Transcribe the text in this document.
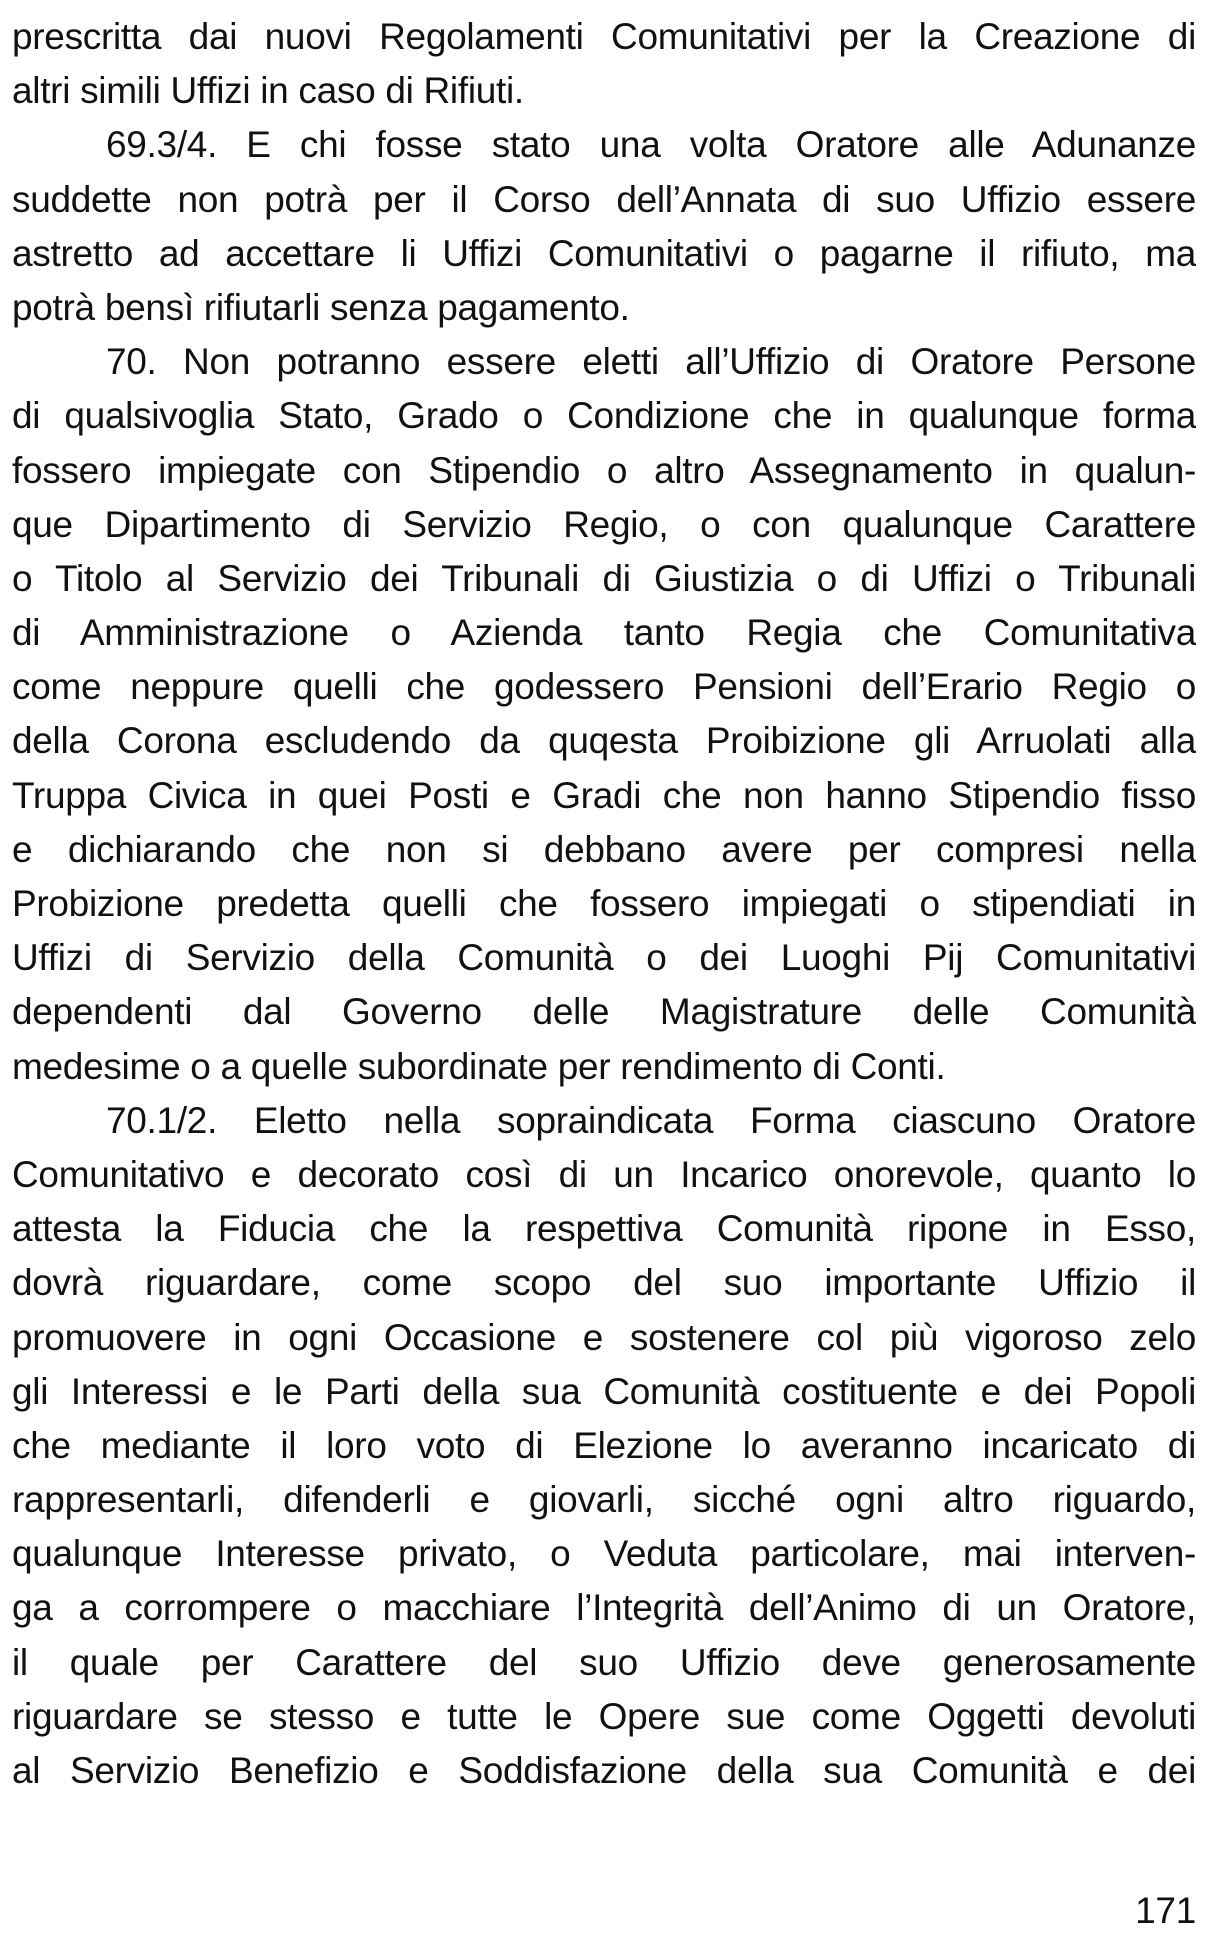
prescritta dai nuovi Regolamenti Comunitativi per la Creazione di
altri simili Uffizi in caso di Rifiuti.
69.3/4. E chi fosse stato una volta Oratore alle Adunanze
suddette non potrà per il Corso dell’Annata di suo Uffizio essere
astretto ad accettare li Uffizi Comunitativi o pagarne il rifiuto, ma
potrà bensì rifiutarli senza pagamento.
70. Non potranno essere eletti all’Uffizio di Oratore Persone
di qualsivoglia Stato, Grado o Condizione che in qualunque forma
fossero impiegate con Stipendio o altro Assegnamento in qualun-
que Dipartimento di Servizio Regio, o con qualunque Carattere
o Titolo al Servizio dei Tribunali di Giustizia o di Uffizi o Tribunali
di Amministrazione o Azienda tanto Regia che Comunitativa
come neppure quelli che godessero Pensioni dell’Erario Regio o
della Corona escludendo da quqesta Proibizione gli Arruolati alla
Truppa Civica in quei Posti e Gradi che non hanno Stipendio fisso
e dichiarando che non si debbano avere per compresi nella
Probizione predetta quelli che fossero impiegati o stipendiati in
Uffizi di Servizio della Comunità o dei Luoghi Pij Comunitativi
dependenti dal Governo delle Magistrature delle Comunità
medesime o a quelle subordinate per rendimento di Conti.
70.1/2. Eletto nella sopraindicata Forma ciascuno Oratore
Comunitativo e decorato così di un Incarico onorevole, quanto lo
attesta la Fiducia che la respettiva Comunità ripone in Esso,
dovrà riguardare, come scopo del suo importante Uffizio il
promuovere in ogni Occasione e sostenere col più vigoroso zelo
gli Interessi e le Parti della sua Comunità costituente e dei Popoli
che mediante il loro voto di Elezione lo averanno incaricato di
rappresentarli, difenderli e giovarli, sicché ogni altro riguardo,
qualunque Interesse privato, o Veduta particolare, mai interven-
ga a corrompere o macchiare l’Integrità dell’Animo di un Oratore,
il quale per Carattere del suo Uffizio deve generosamente
riguardare se stesso e tutte le Opere sue come Oggetti devoluti
al Servizio Benefizio e Soddisfazione della sua Comunità e dei
171
